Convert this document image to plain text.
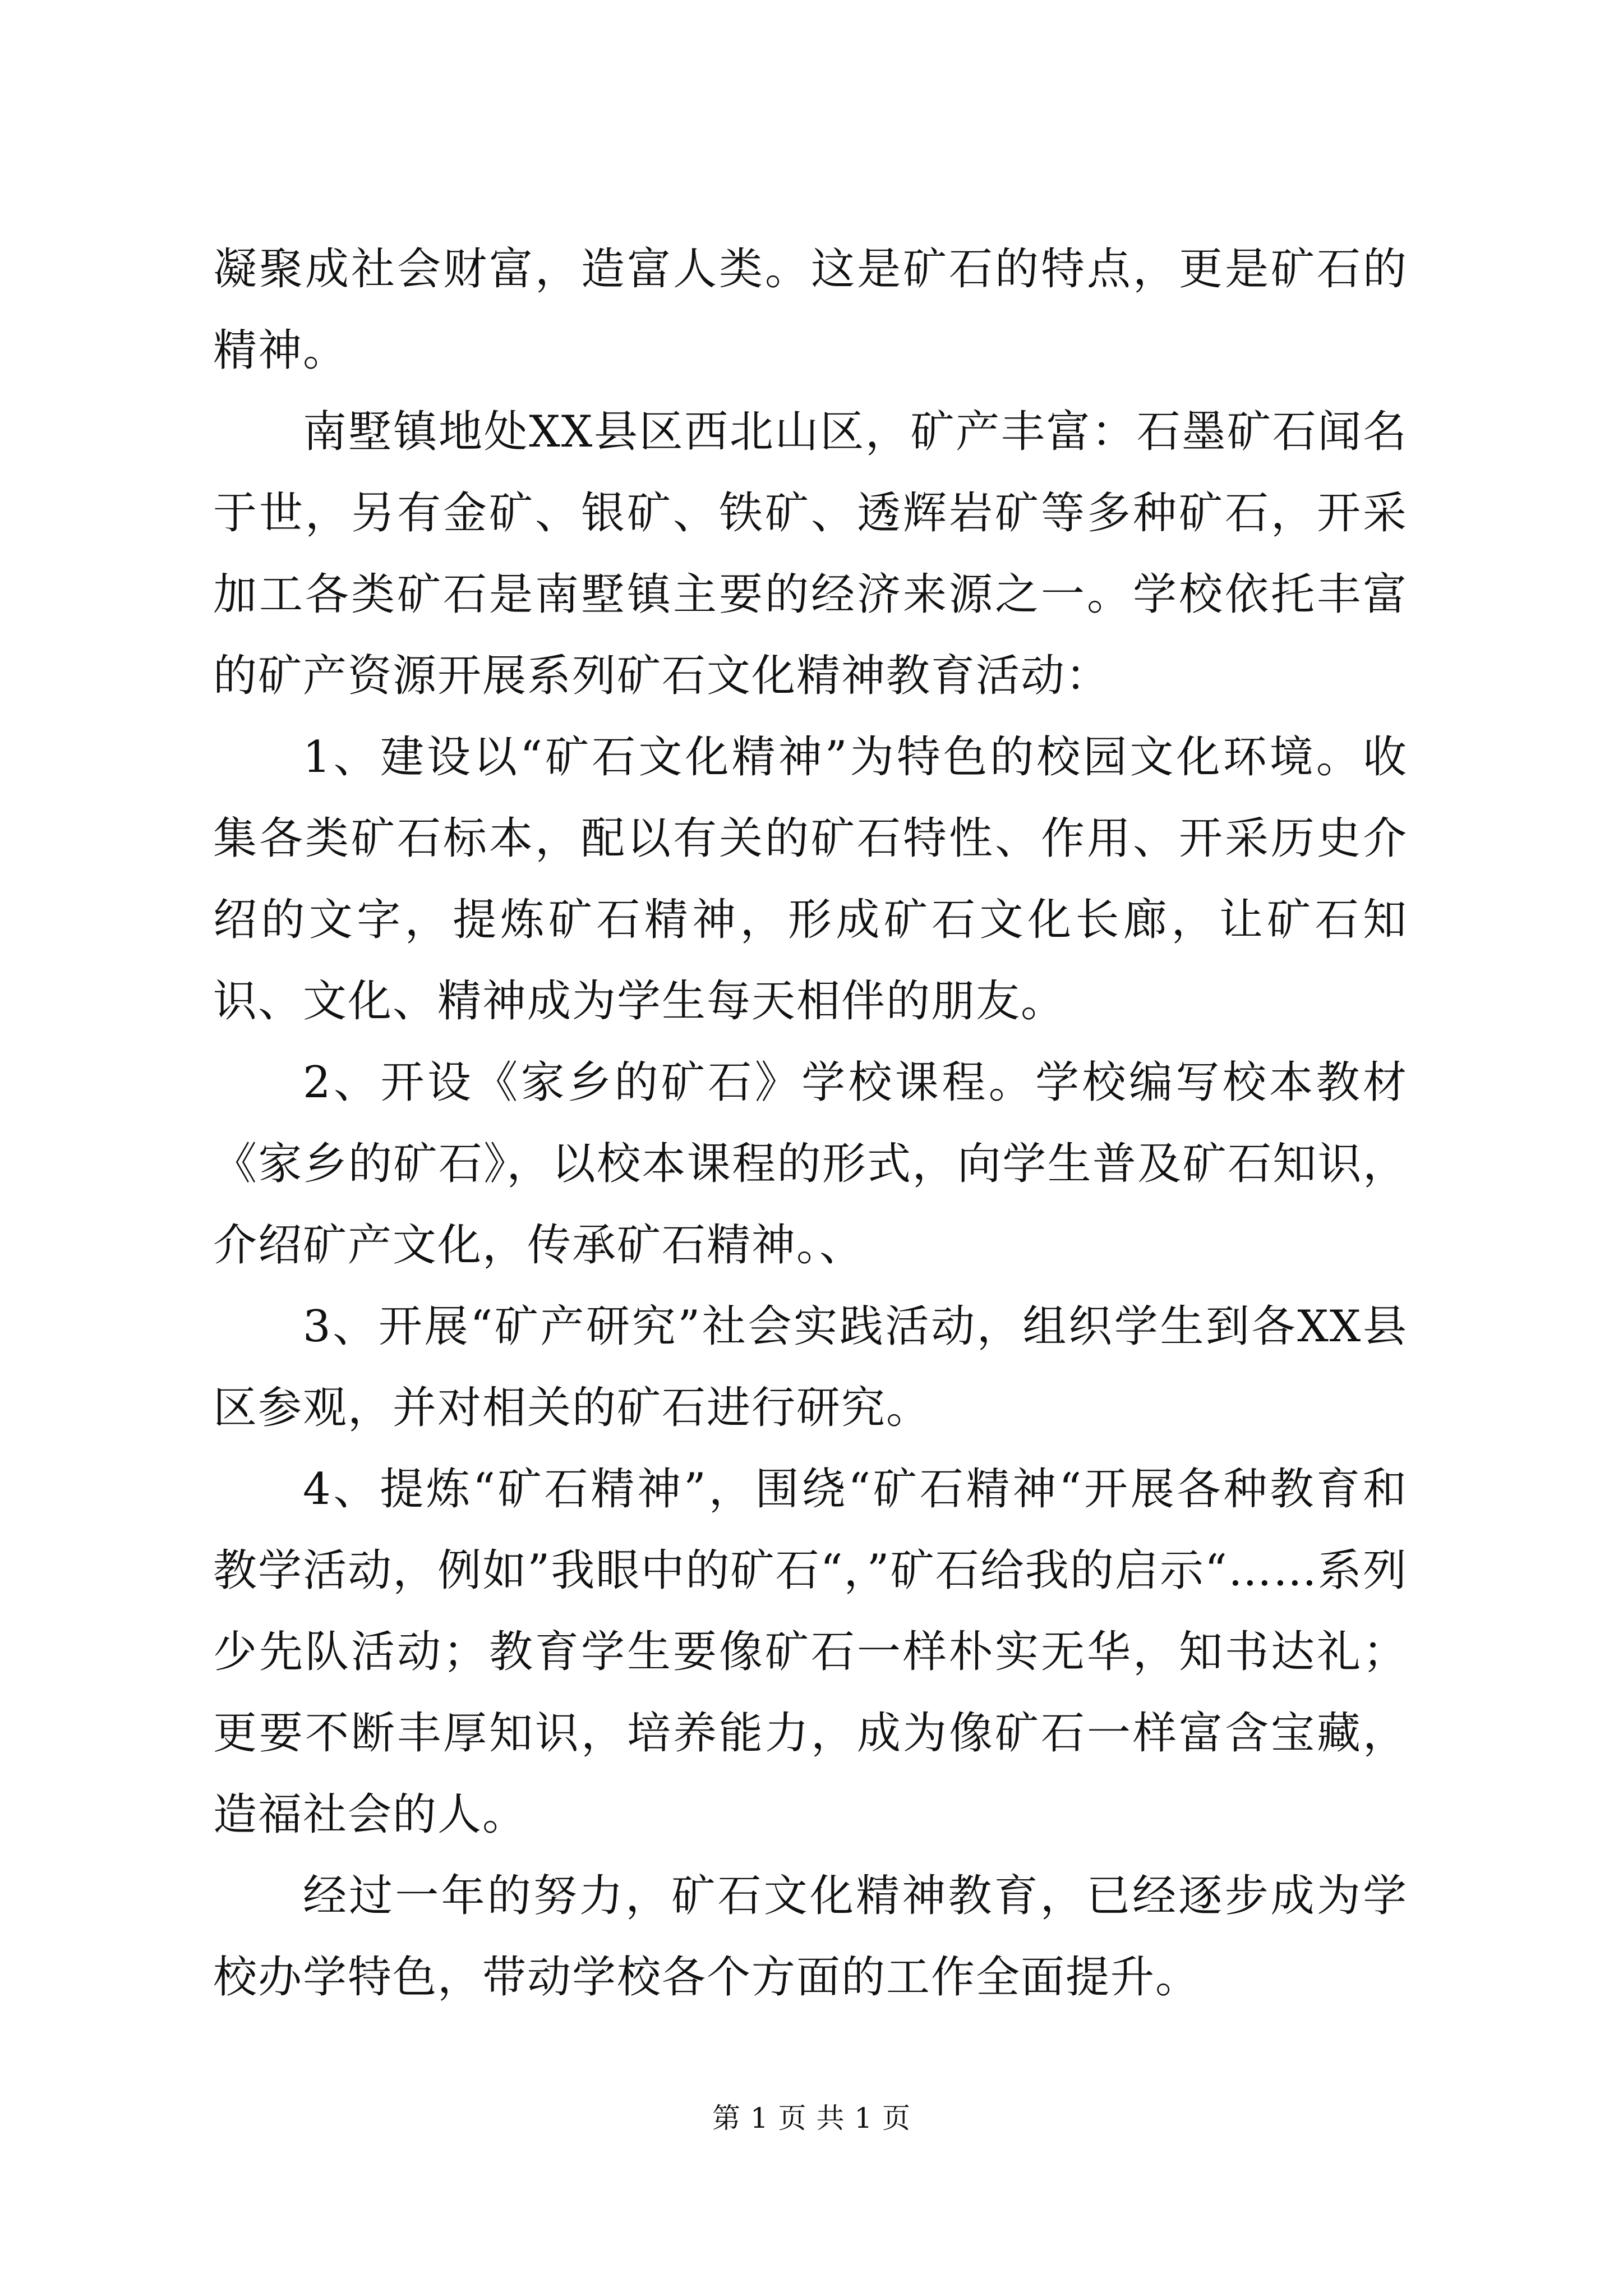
凝聚成社会财富，造富人类。这是矿石的特点，更是矿石的精神。

南墅镇地处XX县区西北山区，矿产丰富：石墨矿石闻名于世，另有金矿、银矿、铁矿、透辉岩矿等多种矿石，开采加工各类矿石是南墅镇主要的经济来源之一。学校依托丰富的矿产资源开展系列矿石文化精神教育活动：

1、建设以“矿石文化精神”为特色的校园文化环境。收集各类矿石标本，配以有关的矿石特性、作用、开采历史介绍的文字，提炼矿石精神，形成矿石文化长廊，让矿石知识、文化、精神成为学生每天相伴的朋友。

2、开设《家乡的矿石》学校课程。学校编写校本教材《家乡的矿石》，以校本课程的形式，向学生普及矿石知识，介绍矿产文化，传承矿石精神。、

3、开展“矿产研究”社会实践活动，组织学生到各XX县区参观，并对相关的矿石进行研究。

4、提炼“矿石精神”，围绕“矿石精神“开展各种教育和教学活动，例如”我眼中的矿石“，”矿石给我的启示“……系列少先队活动；教育学生要像矿石一样朴实无华，知书达礼；更要不断丰厚知识，培养能力，成为像矿石一样富含宝藏，造福社会的人。

经过一年的努力，矿石文化精神教育，已经逐步成为学校办学特色，带动学校各个方面的工作全面提升。

第 1 页 共 1 页
